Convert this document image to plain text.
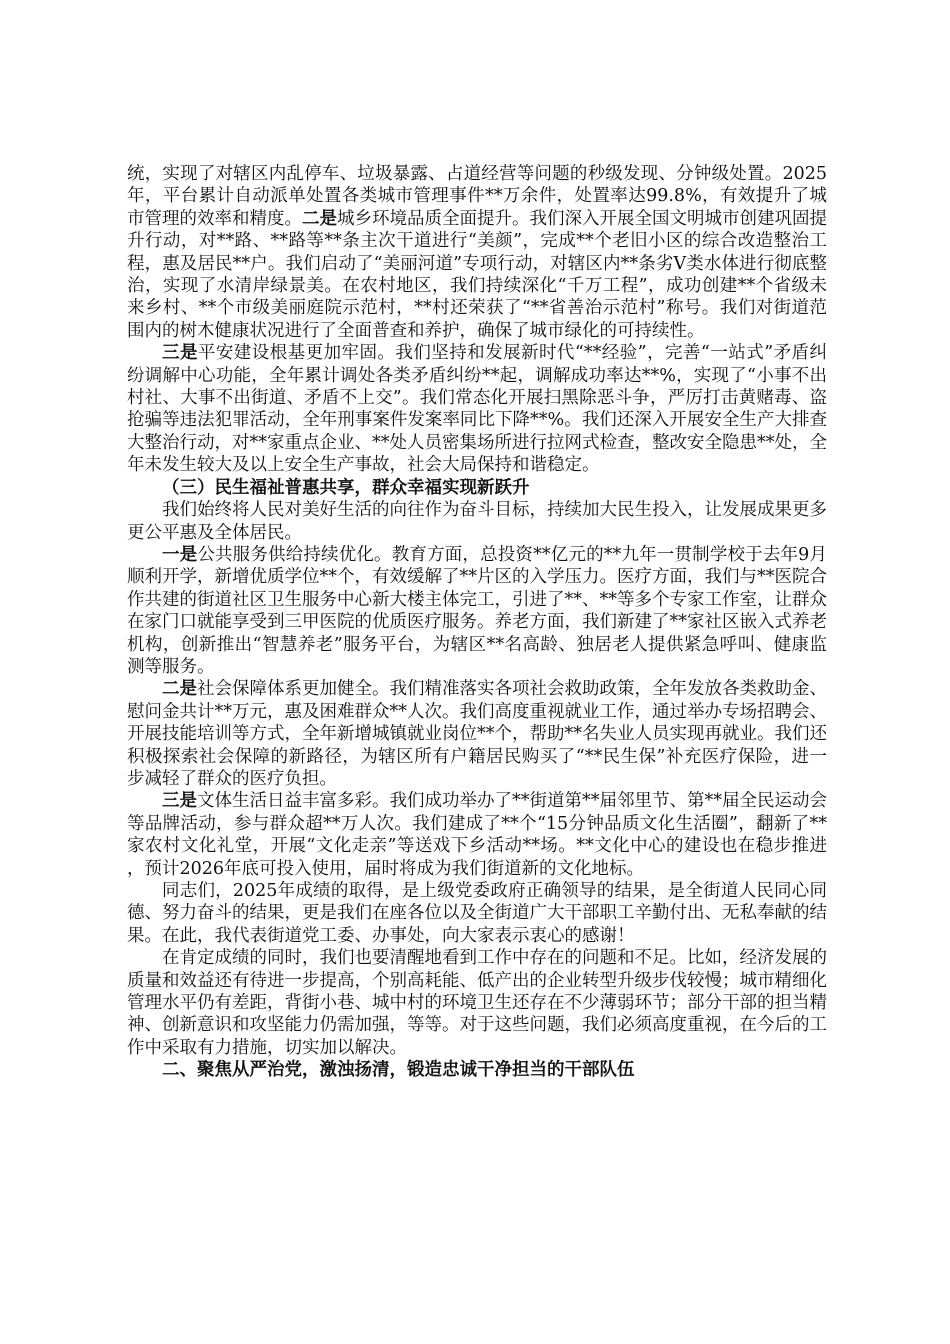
统，实现了对辖区内乱停车、垃圾暴露、占道经营等问题的秒级发现、分钟级处置。2025年，平台累计自动派单处置各类城市管理事件**万余件，处置率达99.8%，有效提升了城市管理的效率和精度。二是城乡环境品质全面提升。我们深入开展全国文明城市创建巩固提升行动，对**路、**路等**条主次干道进行“美颜”，完成**个老旧小区的综合改造整治工程，惠及居民**户。我们启动了“美丽河道”专项行动，对辖区内**条劣Ⅴ类水体进行彻底整治，实现了水清岸绿景美。在农村地区，我们持续深化“千万工程”，成功创建**个省级未来乡村、**个市级美丽庭院示范村，**村还荣获了“**省善治示范村”称号。我们对街道范围内的树木健康状况进行了全面普查和养护，确保了城市绿化的可持续性。

三是平安建设根基更加牢固。我们坚持和发展新时代“**经验”，完善“一站式”矛盾纠纷调解中心功能，全年累计调处各类矛盾纠纷**起，调解成功率达**%，实现了“小事不出村社、大事不出街道、矛盾不上交”。我们常态化开展扫黑除恶斗争，严厉打击黄赌毒、盗抢骗等违法犯罪活动，全年刑事案件发案率同比下降**%。我们还深入开展安全生产大排查大整治行动，对**家重点企业、**处人员密集场所进行拉网式检查，整改安全隐患**处，全年未发生较大及以上安全生产事故，社会大局保持和谐稳定。

（三）民生福祉普惠共享，群众幸福实现新跃升

我们始终将人民对美好生活的向往作为奋斗目标，持续加大民生投入，让发展成果更多更公平惠及全体居民。

一是公共服务供给持续优化。教育方面，总投资**亿元的**九年一贯制学校于去年9月顺利开学，新增优质学位**个，有效缓解了**片区的入学压力。医疗方面，我们与**医院合作共建的街道社区卫生服务中心新大楼主体完工，引进了**、**等多个专家工作室，让群众在家门口就能享受到三甲医院的优质医疗服务。养老方面，我们新建了**家社区嵌入式养老机构，创新推出“智慧养老”服务平台，为辖区**名高龄、独居老人提供紧急呼叫、健康监测等服务。

二是社会保障体系更加健全。我们精准落实各项社会救助政策，全年发放各类救助金、慰问金共计**万元，惠及困难群众**人次。我们高度重视就业工作，通过举办专场招聘会、开展技能培训等方式，全年新增城镇就业岗位**个，帮助**名失业人员实现再就业。我们还积极探索社会保障的新路径，为辖区所有户籍居民购买了“**民生保”补充医疗保险，进一步减轻了群众的医疗负担。

三是文体生活日益丰富多彩。我们成功举办了**街道第**届邻里节、第**届全民运动会等品牌活动，参与群众超**万人次。我们建成了**个“15分钟品质文化生活圈”，翻新了**家农村文化礼堂，开展“文化走亲”等送戏下乡活动**场。**文化中心的建设也在稳步推进，预计2026年底可投入使用，届时将成为我们街道新的文化地标。

同志们，2025年成绩的取得，是上级党委政府正确领导的结果，是全街道人民同心同德、努力奋斗的结果，更是我们在座各位以及全街道广大干部职工辛勤付出、无私奉献的结果。在此，我代表街道党工委、办事处，向大家表示衷心的感谢！

在肯定成绩的同时，我们也要清醒地看到工作中存在的问题和不足。比如，经济发展的质量和效益还有待进一步提高，个别高耗能、低产出的企业转型升级步伐较慢；城市精细化管理水平仍有差距，背街小巷、城中村的环境卫生还存在不少薄弱环节；部分干部的担当精神、创新意识和攻坚能力仍需加强，等等。对于这些问题，我们必须高度重视，在今后的工作中采取有力措施，切实加以解决。

二、聚焦从严治党，激浊扬清，锻造忠诚干净担当的干部队伍
